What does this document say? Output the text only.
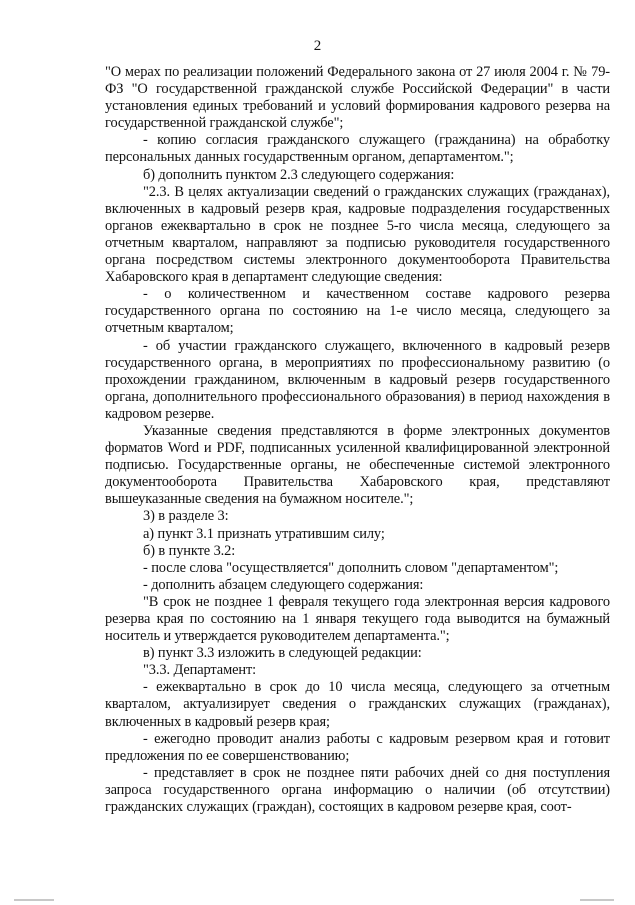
2

"О мерах по реализации положений Федерального закона от 27 июля 2004 г. № 79-ФЗ "О государственной гражданской службе Российской Федерации" в части установления единых требований и условий формирования кадрового резерва на государственной гражданской службе";

- копию согласия гражданского служащего (гражданина) на обработку персональных данных государственным органом, департаментом.";

б) дополнить пунктом 2.3 следующего содержания:

"2.3. В целях актуализации сведений о гражданских служащих (гражданах), включенных в кадровый резерв края, кадровые подразделения государственных органов ежеквартально в срок не позднее 5-го числа месяца, следующего за отчетным кварталом, направляют за подписью руководителя государственного органа посредством системы электронного документооборота Правительства Хабаровского края в департамент следующие сведения:

- о количественном и качественном составе кадрового резерва государственного органа по состоянию на 1-е число месяца, следующего за отчетным кварталом;

- об участии гражданского служащего, включенного в кадровый резерв государственного органа, в мероприятиях по профессиональному развитию (о прохождении гражданином, включенным в кадровый резерв государственного органа, дополнительного профессионального образования) в период нахождения в кадровом резерве.

Указанные сведения представляются в форме электронных документов форматов Word и PDF, подписанных усиленной квалифицированной электронной подписью. Государственные органы, не обеспеченные системой электронного документооборота Правительства Хабаровского края, представляют вышеуказанные сведения на бумажном носителе.";

3) в разделе 3:

а) пункт 3.1 признать утратившим силу;

б) в пункте 3.2:

- после слова "осуществляется" дополнить словом "департаментом";

- дополнить абзацем следующего содержания:

"В срок не позднее 1 февраля текущего года электронная версия кадрового резерва края по состоянию на 1 января текущего года выводится на бумажный носитель и утверждается руководителем департамента.";

в) пункт 3.3 изложить в следующей редакции:

"3.3. Департамент:

- ежеквартально в срок до 10 числа месяца, следующего за отчетным кварталом, актуализирует сведения о гражданских служащих (гражданах), включенных в кадровый резерв края;

- ежегодно проводит анализ работы с кадровым резервом края и готовит предложения по ее совершенствованию;

- представляет в срок не позднее пяти рабочих дней со дня поступления запроса государственного органа информацию о наличии (об отсутствии) гражданских служащих (граждан), состоящих в кадровом резерве края, соот-
